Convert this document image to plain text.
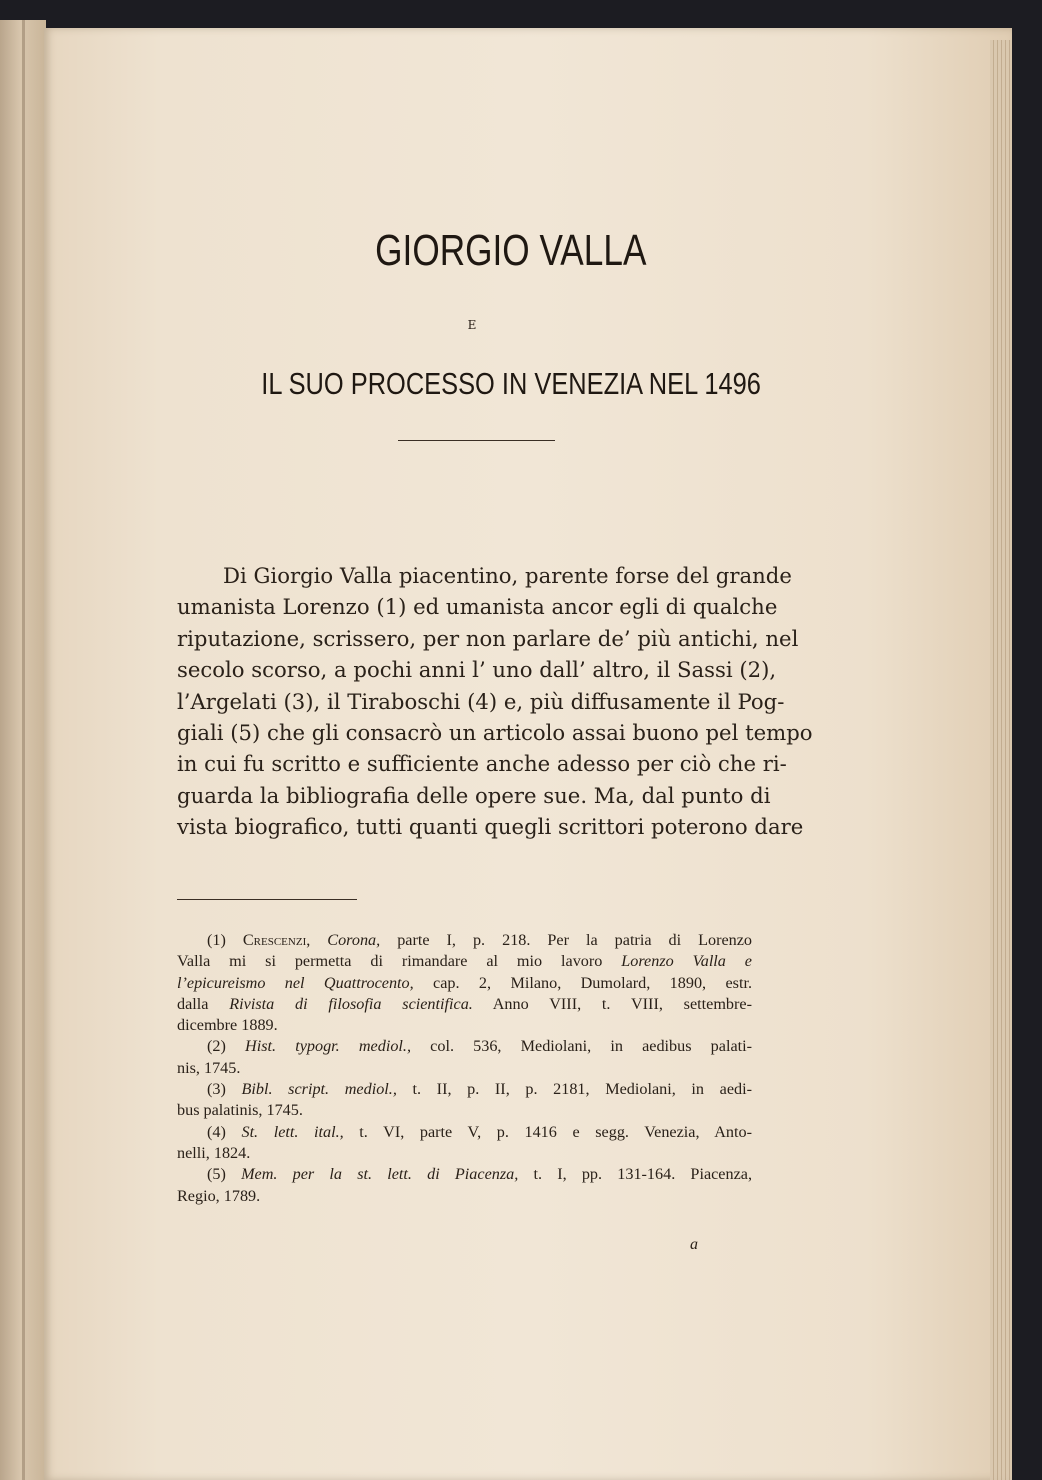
GIORGIO VALLA
E
IL SUO PROCESSO IN VENEZIA NEL 1496
Di Giorgio Valla piacentino, parente forse del grande
umanista Lorenzo (1) ed umanista ancor egli di qualche
riputazione, scrissero, per non parlare de’ più antichi, nel
secolo scorso, a pochi anni l’ uno dall’ altro, il Sassi (2),
l’Argelati (3), il Tiraboschi (4) e, più diffusamente il Pog-
giali (5) che gli consacrò un articolo assai buono pel tempo
in cui fu scritto e sufficiente anche adesso per ciò che ri-
guarda la bibliografia delle opere sue. Ma, dal punto di
vista biografico, tutti quanti quegli scrittori poterono dare
(1) Crescenzi, Corona, parte I, p. 218. Per la patria di Lorenzo
Valla mi si permetta di rimandare al mio lavoro Lorenzo Valla e
l’epicureismo nel Quattrocento, cap. 2, Milano, Dumolard, 1890, estr.
dalla Rivista di filosofia scientifica. Anno VIII, t. VIII, settembre-
dicembre 1889.
(2) Hist. typogr. mediol., col. 536, Mediolani, in aedibus palati-
nis, 1745.
(3) Bibl. script. mediol., t. II, p. II, p. 2181, Mediolani, in aedi-
bus palatinis, 1745.
(4) St. lett. ital., t. VI, parte V, p. 1416 e segg. Venezia, Anto-
nelli, 1824.
(5) Mem. per la st. lett. di Piacenza, t. I, pp. 131-164. Piacenza,
Regio, 1789.
a
